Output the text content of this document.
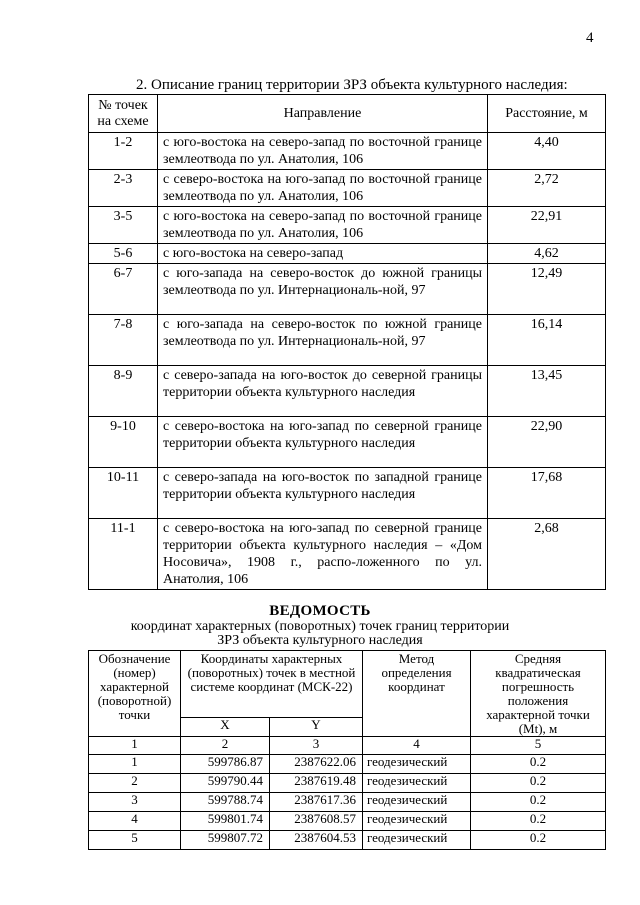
4
2. Описание границ территории ЗРЗ объекта культурного наследия:
№ точек на схеме	Направление	Расстояние, м
1-2	с юго-востока на северо-запад по восточной границе землеотвода по ул. Анатолия, 106	4,40
2-3	с северо-востока на юго-запад по восточной границе землеотвода по ул. Анатолия, 106	2,72
3-5	с юго-востока на северо-запад по восточной границе землеотвода по ул. Анатолия, 106	22,91
5-6	с юго-востока на северо-запад	4,62
6-7	с юго-запада на северо-восток до южной границы землеотвода по ул. Интернациональ-ной, 97	12,49
7-8	с юго-запада на северо-восток по южной границе землеотвода по ул. Интернациональ-ной, 97	16,14
8-9	с северо-запада на юго-восток до северной границы территории объекта культурного наследия	13,45
9-10	с северо-востока на юго-запад по северной границе территории объекта культурного наследия	22,90
10-11	с северо-запада на юго-восток по западной границе территории объекта культурного наследия	17,68
11-1	с северо-востока на юго-запад по северной границе территории объекта культурного наследия – «Дом Носовича», 1908 г., распо-ложенного по ул. Анатолия, 106	2,68
ВЕДОМОСТЬ
координат характерных (поворотных) точек границ территории
ЗРЗ объекта культурного наследия
Обозначение (номер) характерной (поворотной) точки	Координаты характерных (поворотных) точек в местной системе координат (МСК-22)		Метод определения координат	Средняя квадратическая погрешность положения характерной точки (Mt), м
	X	Y		
1	2	3	4	5
1	599786.87	2387622.06	геодезический	0.2
2	599790.44	2387619.48	геодезический	0.2
3	599788.74	2387617.36	геодезический	0.2
4	599801.74	2387608.57	геодезический	0.2
5	599807.72	2387604.53	геодезический	0.2
